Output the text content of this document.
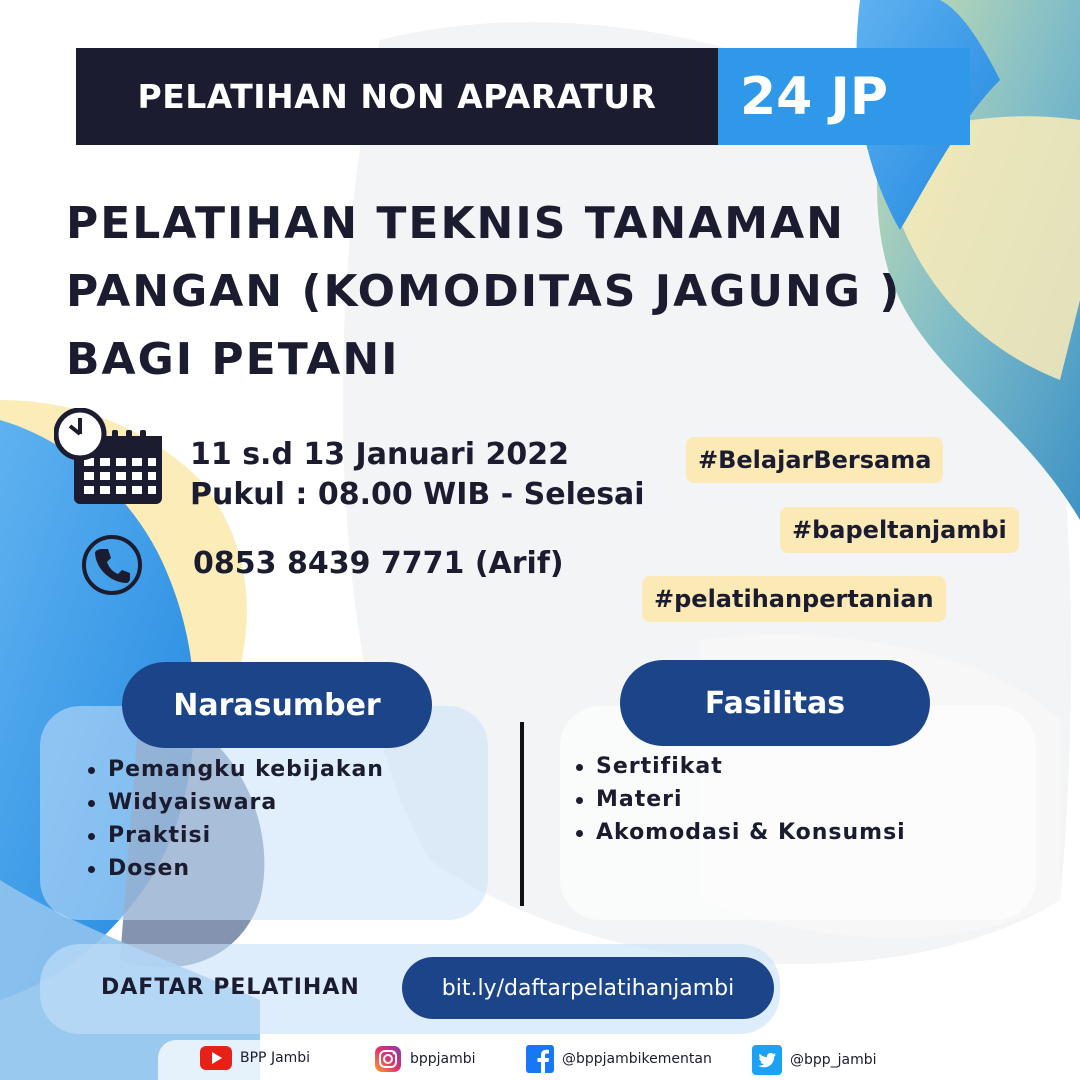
PELATIHAN NON APARATUR	24 JP
PELATIHAN TEKNIS TANAMAN
PANGAN (KOMODITAS JAGUNG )
BAGI PETANI
11 s.d 13 Januari 2022
Pukul : 08.00 WIB - Selesai
0853 8439 7771 (Arif)
#BelajarBersama
#bapeltanjambi
#pelatihanpertanian
Narasumber	Fasilitas
Pemangku kebijakan
Widyaiswara
Praktisi
Dosen
Sertifikat
Materi
Akomodasi & Konsumsi
DAFTAR PELATIHAN	bit.ly/daftarpelatihanjambi
BPP Jambi	bppjambi	@bppjambikementan	@bpp_jambi
